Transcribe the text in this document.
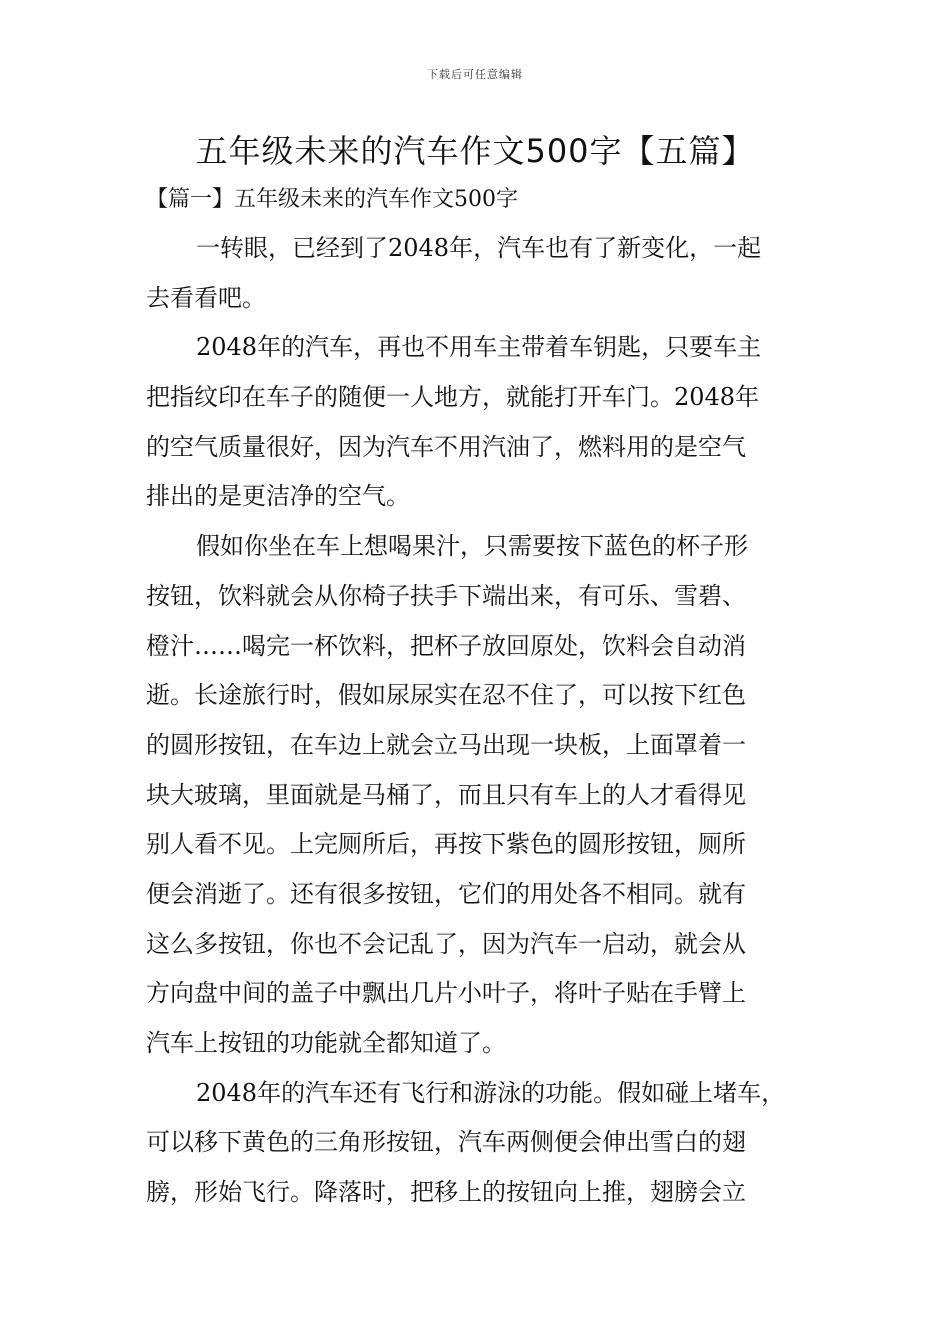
下载后可任意编辑
五年级未来的汽车作文500字【五篇】
【篇一】五年级未来的汽车作文500字
一转眼，已经到了2048年，汽车也有了新变化，一起
去看看吧。
2048年的汽车，再也不用车主带着车钥匙，只要车主
把指纹印在车子的随便一人地方，就能打开车门。2048年
的空气质量很好，因为汽车不用汽油了，燃料用的是空气
排出的是更洁净的空气。
假如你坐在车上想喝果汁，只需要按下蓝色的杯子形
按钮，饮料就会从你椅子扶手下端出来，有可乐、雪碧、
橙汁……喝完一杯饮料，把杯子放回原处，饮料会自动消
逝。长途旅行时，假如尿尿实在忍不住了，可以按下红色
的圆形按钮，在车边上就会立马出现一块板，上面罩着一
块大玻璃，里面就是马桶了，而且只有车上的人才看得见
别人看不见。上完厕所后，再按下紫色的圆形按钮，厕所
便会消逝了。还有很多按钮，它们的用处各不相同。就有
这么多按钮，你也不会记乱了，因为汽车一启动，就会从
方向盘中间的盖子中飘出几片小叶子，将叶子贴在手臂上
汽车上按钮的功能就全都知道了。
2048年的汽车还有飞行和游泳的功能。假如碰上堵车，
可以移下黄色的三角形按钮，汽车两侧便会伸出雪白的翅
膀，形始飞行。降落时，把移上的按钮向上推，翅膀会立
